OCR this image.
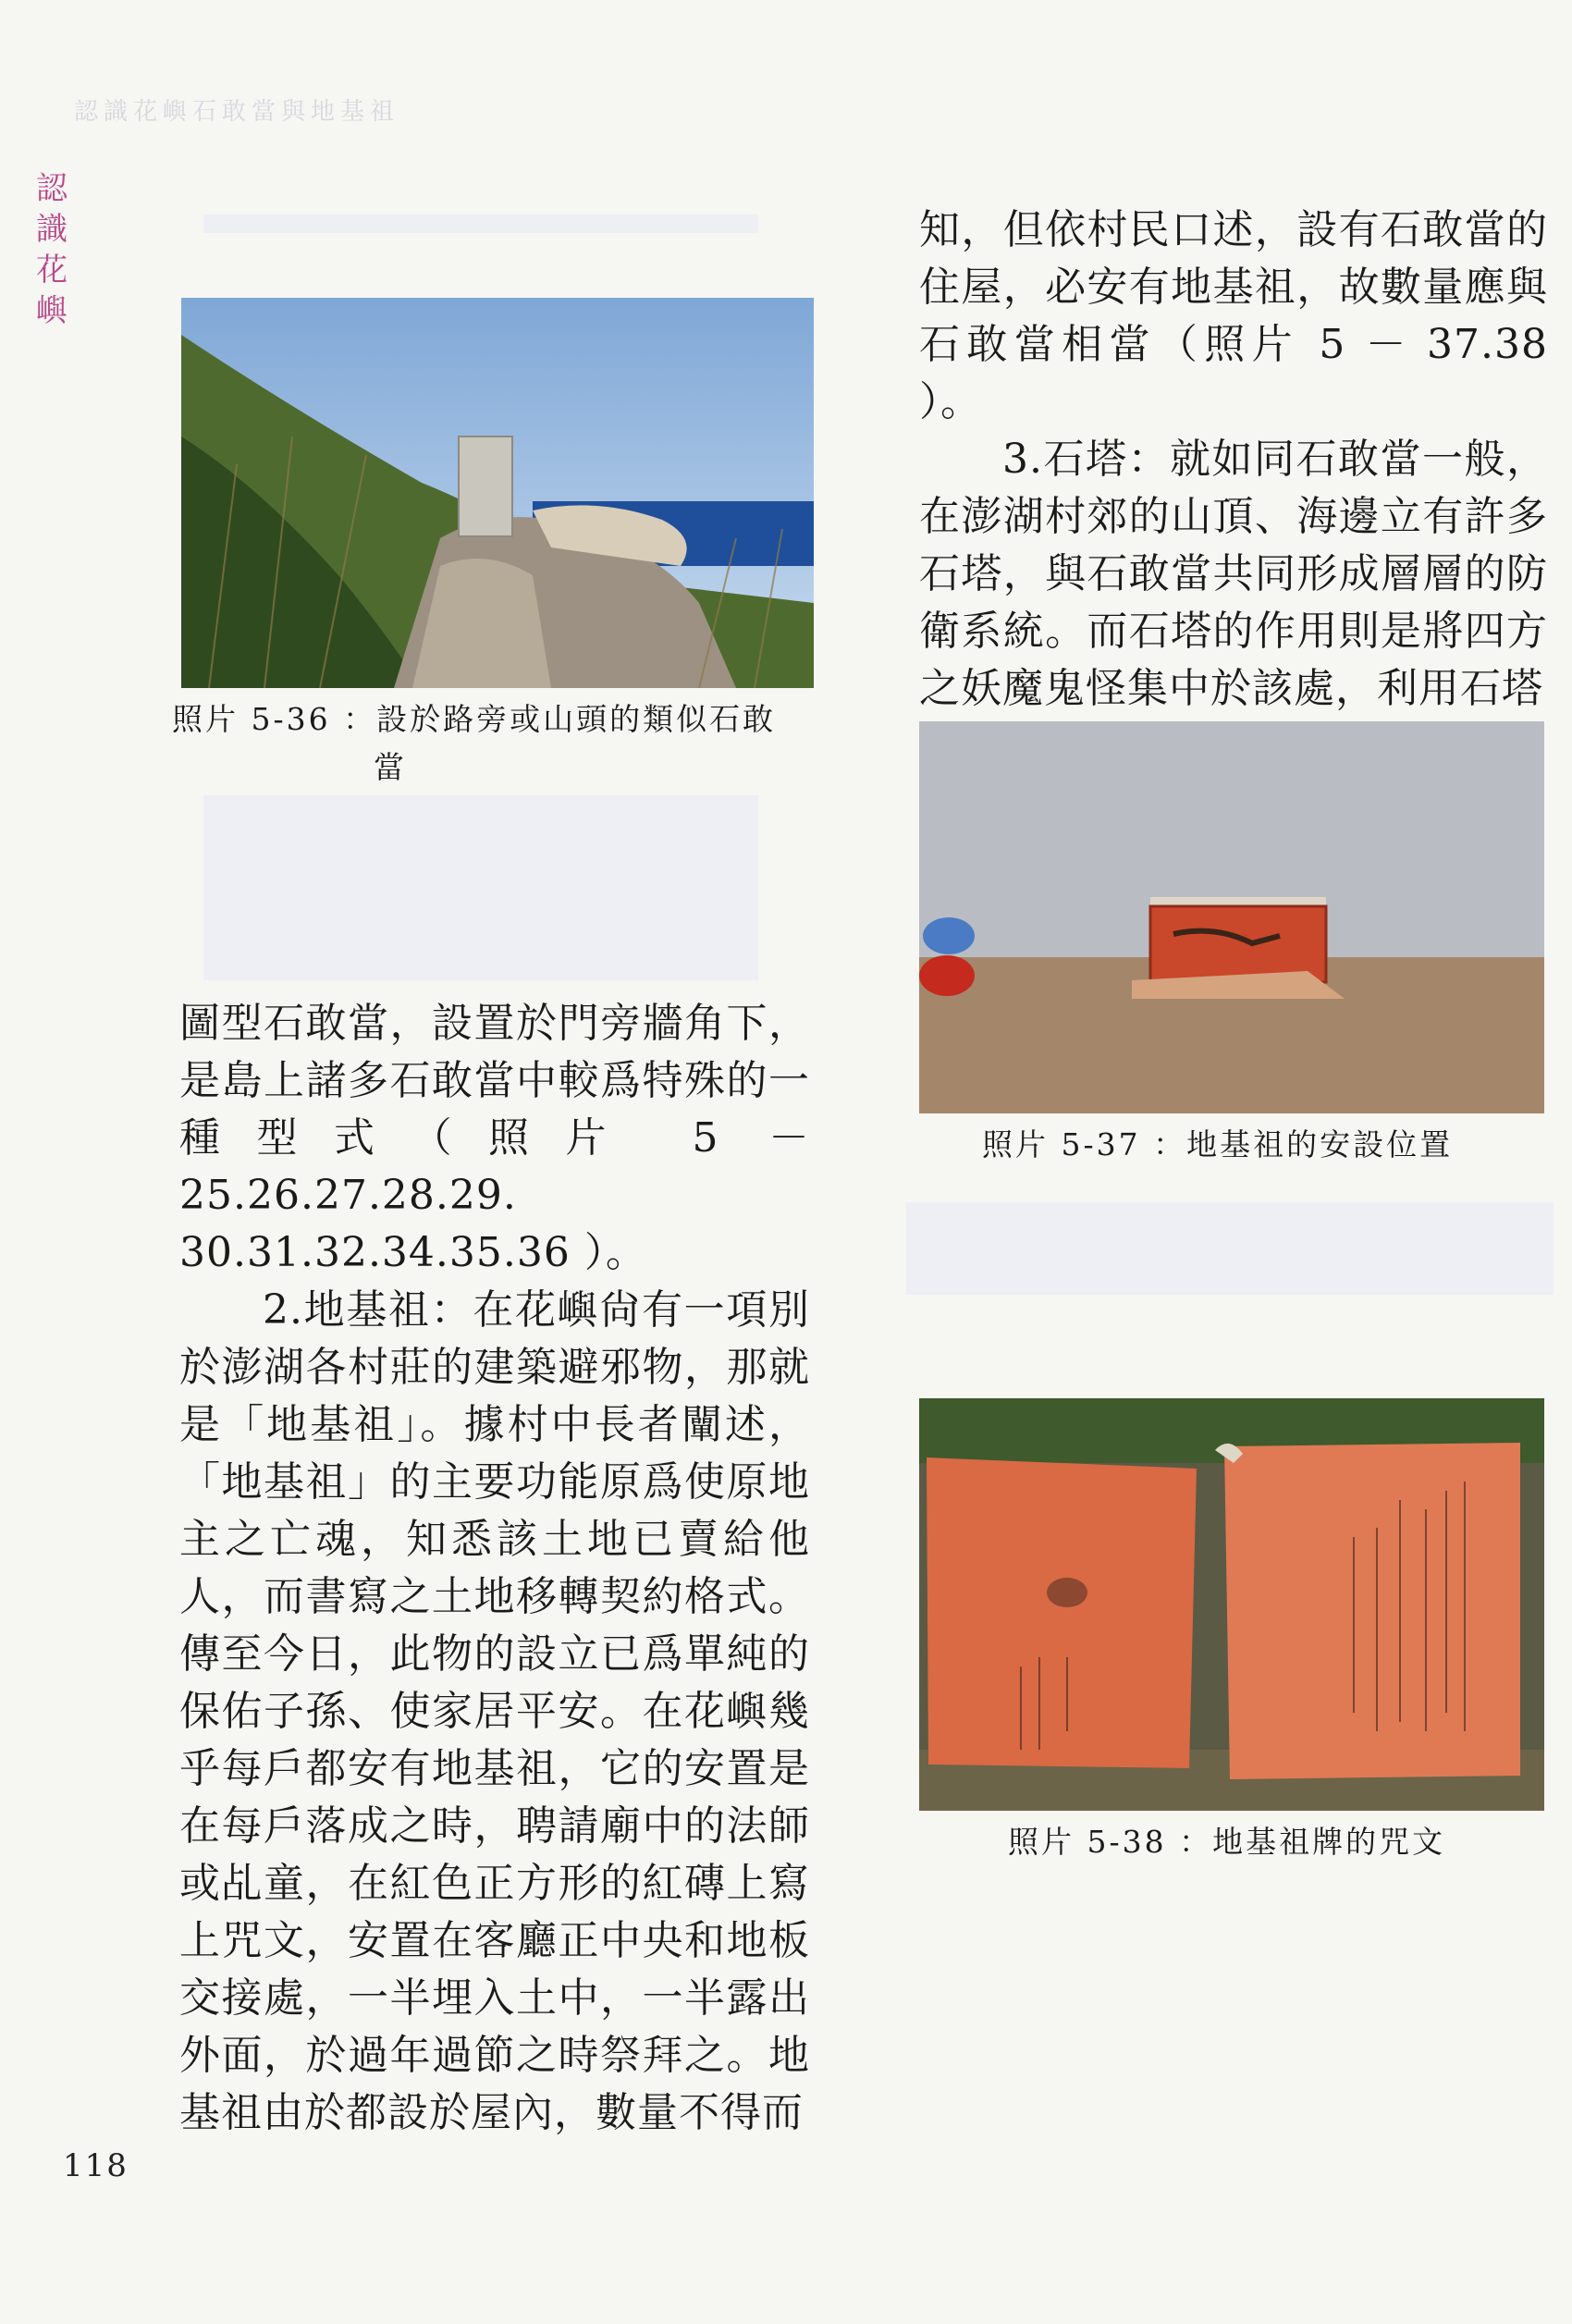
認識花嶼石敢當與地基祖
認
識
花
嶼
照片 5-36 ：設於路旁或山頭的類似石敢
當

知，但依村民口述，設有石敢當的住屋，必安有地基祖，故數量應與石敢當相當（照片 5 － 37.38 ）。

3.石塔：就如同石敢當一般，在澎湖村郊的山頂、海邊立有許多石塔，與石敢當共同形成層層的防衛系統。而石塔的作用則是將四方之妖魔鬼怪集中於該處，利用石塔

照片 5-37 ：地基祖的安設位置
照片 5-38 ：地基祖牌的咒文

圖型石敢當，設置於門旁牆角下，是島上諸多石敢當中較爲特殊的一種型式（照片 5 － 25.26.27.28.29. 30.31.32.34.35.36 ）。

2.地基祖：在花嶼尙有一項別於澎湖各村莊的建築避邪物，那就是「地基祖」。據村中長者闡述，「地基祖」的主要功能原爲使原地主之亡魂，知悉該土地已賣給他人，而書寫之土地移轉契約格式。傳至今日，此物的設立已爲單純的保佑子孫、使家居平安。在花嶼幾乎每戶都安有地基祖，它的安置是在每戶落成之時，聘請廟中的法師或乩童，在紅色正方形的紅磚上寫上咒文，安置在客廳正中央和地板交接處，一半埋入土中，一半露出外面，於過年過節之時祭拜之。地基祖由於都設於屋內，數量不得而

118
